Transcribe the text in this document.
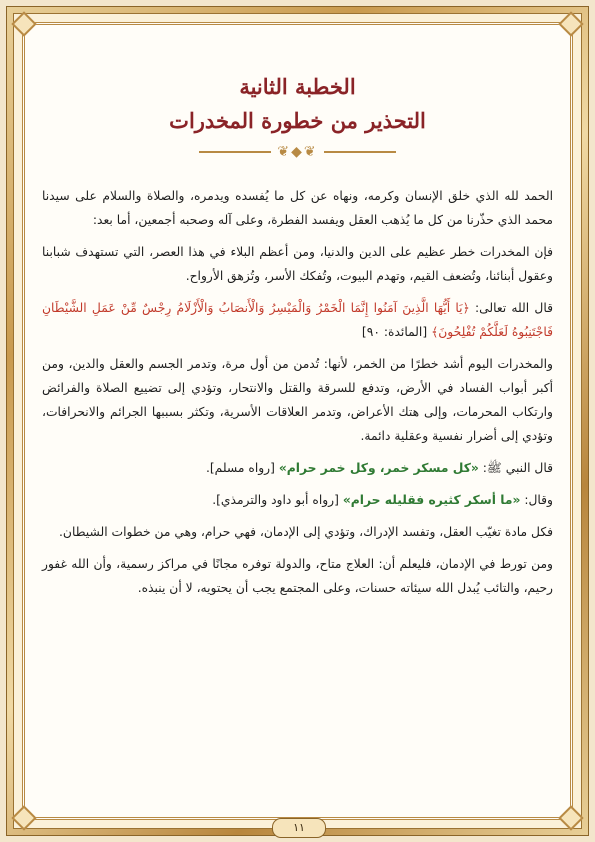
الخطبة الثانية
التحذير من خطورة المخدرات
❦◆❦

الحمد لله الذي خلق الإنسان وكرمه، ونهاه عن كل ما يُفسده ويدمره، والصلاة والسلام على سيدنا محمد الذي حذّرنا من كل ما يُذهب العقل ويفسد الفطرة، وعلى آله وصحبه أجمعين، أما بعد:

فإن المخدرات خطر عظيم على الدين والدنيا، ومن أعظم البلاء في هذا العصر، التي تستهدف شبابنا وعقول أبنائنا، وتُضعف القيم، وتهدم البيوت، وتُفكك الأسر، وتُزهق الأرواح.

قال الله تعالى: ﴿يَا أَيُّهَا الَّذِينَ آمَنُوا إِنَّمَا الْخَمْرُ وَالْمَيْسِرُ وَالْأَنصَابُ وَالْأَزْلَامُ رِجْسٌ مِّنْ عَمَلِ الشَّيْطَانِ فَاجْتَنِبُوهُ لَعَلَّكُمْ تُفْلِحُونَ﴾ [المائدة: ٩٠]

والمخدرات اليوم أشد خطرًا من الخمر، لأنها: تُدمن من أول مرة، وتدمر الجسم والعقل والدين، ومن أكبر أبواب الفساد في الأرض، وتدفع للسرقة والقتل والانتحار، وتؤدي إلى تضييع الصلاة والفرائض وارتكاب المحرمات، وإلى هتك الأعراض، وتدمر العلاقات الأسرية، وتكثر بسببها الجرائم والانحرافات، وتؤدي إلى أضرار نفسية وعقلية دائمة.

قال النبي ﷺ: «كل مسكر خمر، وكل خمر حرام» [رواه مسلم].

وقال: «ما أسكر كثيره فقليله حرام» [رواه أبو داود والترمذي].

فكل مادة تغيّب العقل، وتفسد الإدراك، وتؤدي إلى الإدمان، فهي حرام، وهي من خطوات الشيطان.

ومن تورط في الإدمان، فليعلم أن: العلاج متاح، والدولة توفره مجانًا في مراكز رسمية، وأن الله غفور رحيم، والتائب يُبدل الله سيئاته حسنات، وعلى المجتمع يجب أن يحتويه، لا أن ينبذه.

١١
